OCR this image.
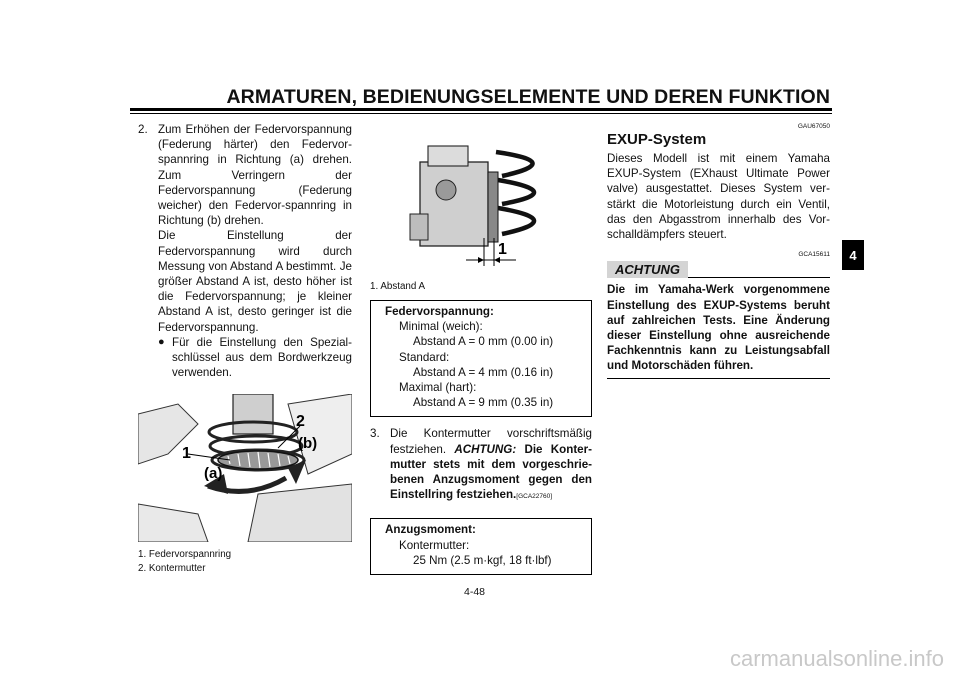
ARMATUREN, BEDIENUNGSELEMENTE UND DEREN FUNKTION
4
2. Zum Erhöhen der Federvorspannung (Federung härter) den Federvor-spannring in Richtung (a) drehen. Zum Verringern der Federvorspannung (Federung weicher) den Federvor-spannring in Richtung (b) drehen.
Die Einstellung der Federvorspannung wird durch Messung von Abstand A bestimmt. Je größer Abstand A ist, desto höher ist die Federvorspannung; je kleiner Abstand A ist, desto geringer ist die Federvorspannung.
● Für die Einstellung den Spezial-schlüssel aus dem Bordwerkzeug verwenden.
1
2
(a)
(b)
1. Federvorspannring
2. Kontermutter
1
1. Abstand A
Federvorspannung:
Minimal (weich):
Abstand A = 0 mm (0.00 in)
Standard:
Abstand A = 4 mm (0.16 in)
Maximal (hart):
Abstand A = 9 mm (0.35 in)
3. Die Kontermutter vorschriftsmäßig festziehen. ACHTUNG: Die Konter-mutter stets mit dem vorgeschrie-benen Anzugsmoment gegen den Einstellring festziehen.[GCA22760]
Anzugsmoment:
Kontermutter:
25 Nm (2.5 m·kgf, 18 ft·lbf)
GAU67050
EXUP-System
Dieses Modell ist mit einem Yamaha EXUP-System (EXhaust Ultimate Power valve) ausgestattet. Dieses System ver-stärkt die Motorleistung durch ein Ventil, das den Abgasstrom innerhalb des Vor-schalldämpfers steuert.
GCA15611
ACHTUNG
Die im Yamaha-Werk vorgenommene Einstellung des EXUP-Systems beruht auf zahlreichen Tests. Eine Änderung dieser Einstellung ohne ausreichende Fachkenntnis kann zu Leistungsabfall und Motorschäden führen.
4-48
carmanualsonline.info
